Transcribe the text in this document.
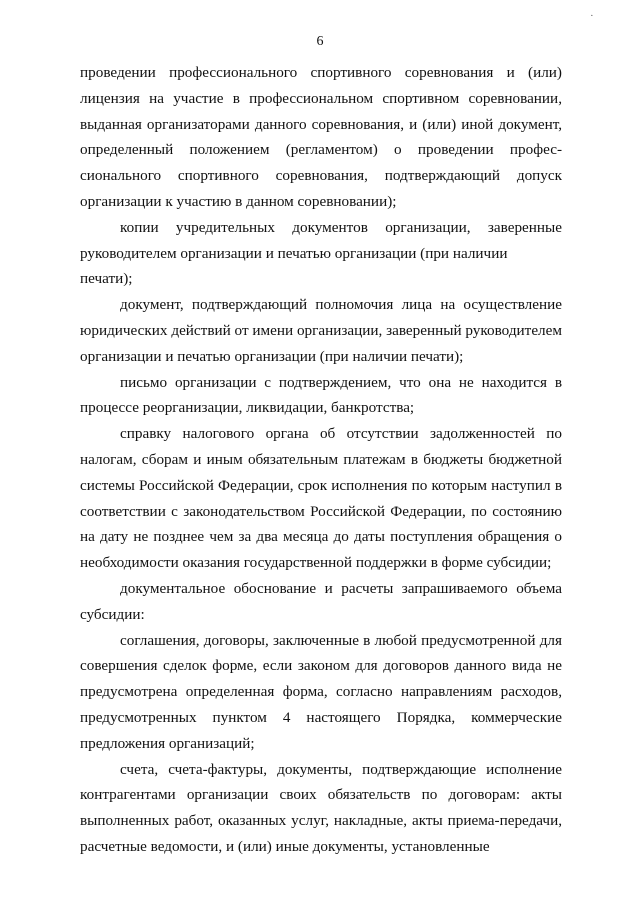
6
·

проведении профессионального спортивного соревнования и (или)
лицензия на участие в профессиональном спортивном соревновании,
выданная организаторами данного соревнования, и (или) иной документ,
определенный положением (регламентом) о проведении профес-
сионального спортивного соревнования, подтверждающий допуск
организации к участию в данном соревновании);

копии учредительных документов организации, заверенные
руководителем организации и печатью организации (при наличии печати);

документ, подтверждающий полномочия лица на осуществление
юридических действий от имени организации, заверенный руководителем
организации и печатью организации (при наличии печати);

письмо организации с подтверждением, что она не находится в
процессе реорганизации, ликвидации, банкротства;

справку налогового органа об отсутствии задолженностей по
налогам, сборам и иным обязательным платежам в бюджеты бюджетной
системы Российской Федерации, срок исполнения по которым наступил в
соответствии с законодательством Российской Федерации, по состоянию
на дату не позднее чем за два месяца до даты поступления обращения о
необходимости оказания государственной поддержки в форме субсидии;

документальное обоснование и расчеты запрашиваемого объема
субсидии:

соглашения, договоры, заключенные в любой предусмотренной для
совершения сделок форме, если законом для договоров данного вида не
предусмотрена определенная форма, согласно направлениям расходов,
предусмотренных пунктом 4 настоящего Порядка, коммерческие
предложения организаций;

счета, счета-фактуры, документы, подтверждающие исполнение
контрагентами организации своих обязательств по договорам: акты
выполненных работ, оказанных услуг, накладные, акты приема-передачи,
расчетные ведомости, и (или) иные документы, установленные
